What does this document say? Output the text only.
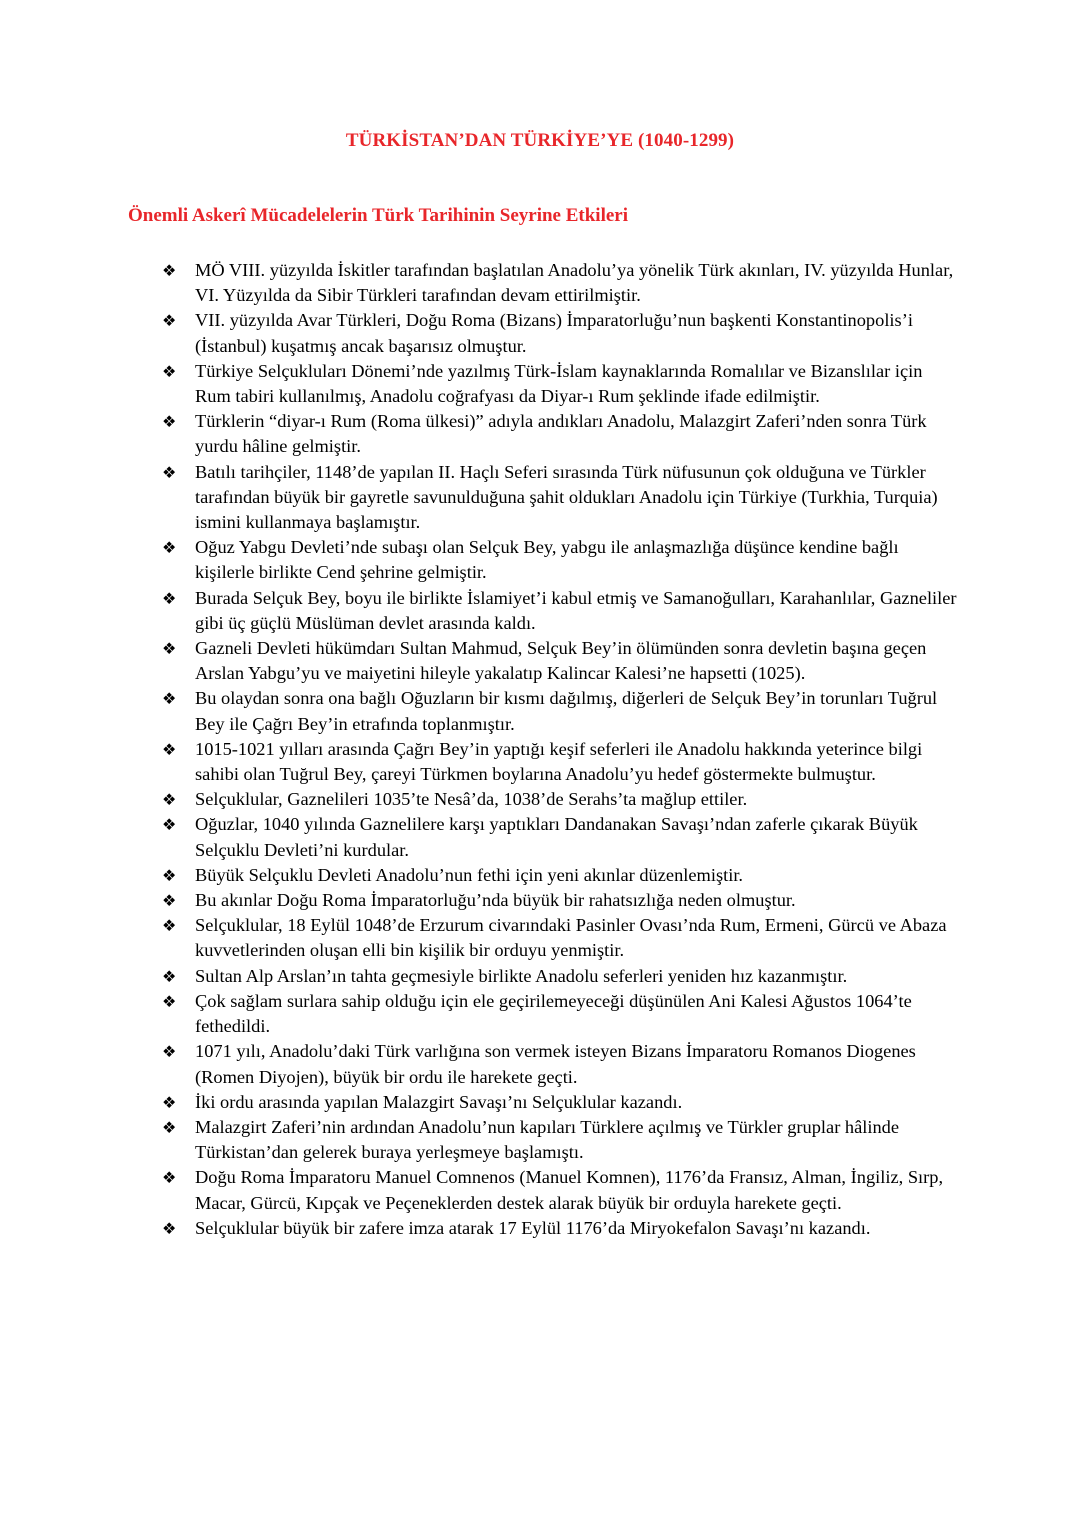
TÜRKİSTAN’DAN TÜRKİYE’YE (1040-1299)
Önemli Askerî Mücadelelerin Türk Tarihinin Seyrine Etkileri
❖	MÖ VIII. yüzyılda İskitler tarafından başlatılan Anadolu’ya yönelik Türk akınları, IV. yüzyılda Hunlar, VI. Yüzyılda da Sibir Türkleri tarafından devam ettirilmiştir.
❖	VII. yüzyılda Avar Türkleri, Doğu Roma (Bizans) İmparatorluğu’nun başkenti Konstantinopolis’i (İstanbul) kuşatmış ancak başarısız olmuştur.
❖	Türkiye Selçukluları Dönemi’nde yazılmış Türk-İslam kaynaklarında Romalılar ve Bizanslılar için Rum tabiri kullanılmış, Anadolu coğrafyası da Diyar-ı Rum şeklinde ifade edilmiştir.
❖	Türklerin “diyar-ı Rum (Roma ülkesi)” adıyla andıkları Anadolu, Malazgirt Zaferi’nden sonra Türk yurdu hâline gelmiştir.
❖	Batılı tarihçiler, 1148’de yapılan II. Haçlı Seferi sırasında Türk nüfusunun çok olduğuna ve Türkler tarafından büyük bir gayretle savunulduğuna şahit oldukları Anadolu için Türkiye (Turkhia, Turquia) ismini kullanmaya başlamıştır.
❖	Oğuz Yabgu Devleti’nde subaşı olan Selçuk Bey, yabgu ile anlaşmazlığa düşünce kendine bağlı kişilerle birlikte Cend şehrine gelmiştir.
❖	Burada Selçuk Bey, boyu ile birlikte İslamiyet’i kabul etmiş ve Samanoğulları, Karahanlılar, Gazneliler gibi üç güçlü Müslüman devlet arasında kaldı.
❖	Gazneli Devleti hükümdarı Sultan Mahmud, Selçuk Bey’in ölümünden sonra devletin başına geçen Arslan Yabgu’yu ve maiyetini hileyle yakalatıp Kalincar Kalesi’ne hapsetti (1025).
❖	Bu olaydan sonra ona bağlı Oğuzların bir kısmı dağılmış, diğerleri de Selçuk Bey’in torunları Tuğrul Bey ile Çağrı Bey’in etrafında toplanmıştır.
❖	1015-1021 yılları arasında Çağrı Bey’in yaptığı keşif seferleri ile Anadolu hakkında yeterince bilgi sahibi olan Tuğrul Bey, çareyi Türkmen boylarına Anadolu’yu hedef göstermekte bulmuştur.
❖	Selçuklular, Gaznelileri 1035’te Nesâ’da, 1038’de Serahs’ta mağlup ettiler.
❖	Oğuzlar, 1040 yılında Gaznelilere karşı yaptıkları Dandanakan Savaşı’ndan zaferle çıkarak Büyük Selçuklu Devleti’ni kurdular.
❖	Büyük Selçuklu Devleti Anadolu’nun fethi için yeni akınlar düzenlemiştir.
❖	Bu akınlar Doğu Roma İmparatorluğu’nda büyük bir rahatsızlığa neden olmuştur.
❖	Selçuklular, 18 Eylül 1048’de Erzurum civarındaki Pasinler Ovası’nda Rum, Ermeni, Gürcü ve Abaza kuvvetlerinden oluşan elli bin kişilik bir orduyu yenmiştir.
❖	Sultan Alp Arslan’ın tahta geçmesiyle birlikte Anadolu seferleri yeniden hız kazanmıştır.
❖	Çok sağlam surlara sahip olduğu için ele geçirilemeyeceği düşünülen Ani Kalesi Ağustos 1064’te fethedildi.
❖	1071 yılı, Anadolu’daki Türk varlığına son vermek isteyen Bizans İmparatoru Romanos Diogenes (Romen Diyojen), büyük bir ordu ile harekete geçti.
❖	İki ordu arasında yapılan Malazgirt Savaşı’nı Selçuklular kazandı.
❖	Malazgirt Zaferi’nin ardından Anadolu’nun kapıları Türklere açılmış ve Türkler gruplar hâlinde Türkistan’dan gelerek buraya yerleşmeye başlamıştı.
❖	Doğu Roma İmparatoru Manuel Comnenos (Manuel Komnen), 1176’da Fransız, Alman, İngiliz, Sırp, Macar, Gürcü, Kıpçak ve Peçeneklerden destek alarak büyük bir orduyla harekete geçti.
❖	Selçuklular büyük bir zafere imza atarak 17 Eylül 1176’da Miryokefalon Savaşı’nı kazandı.
